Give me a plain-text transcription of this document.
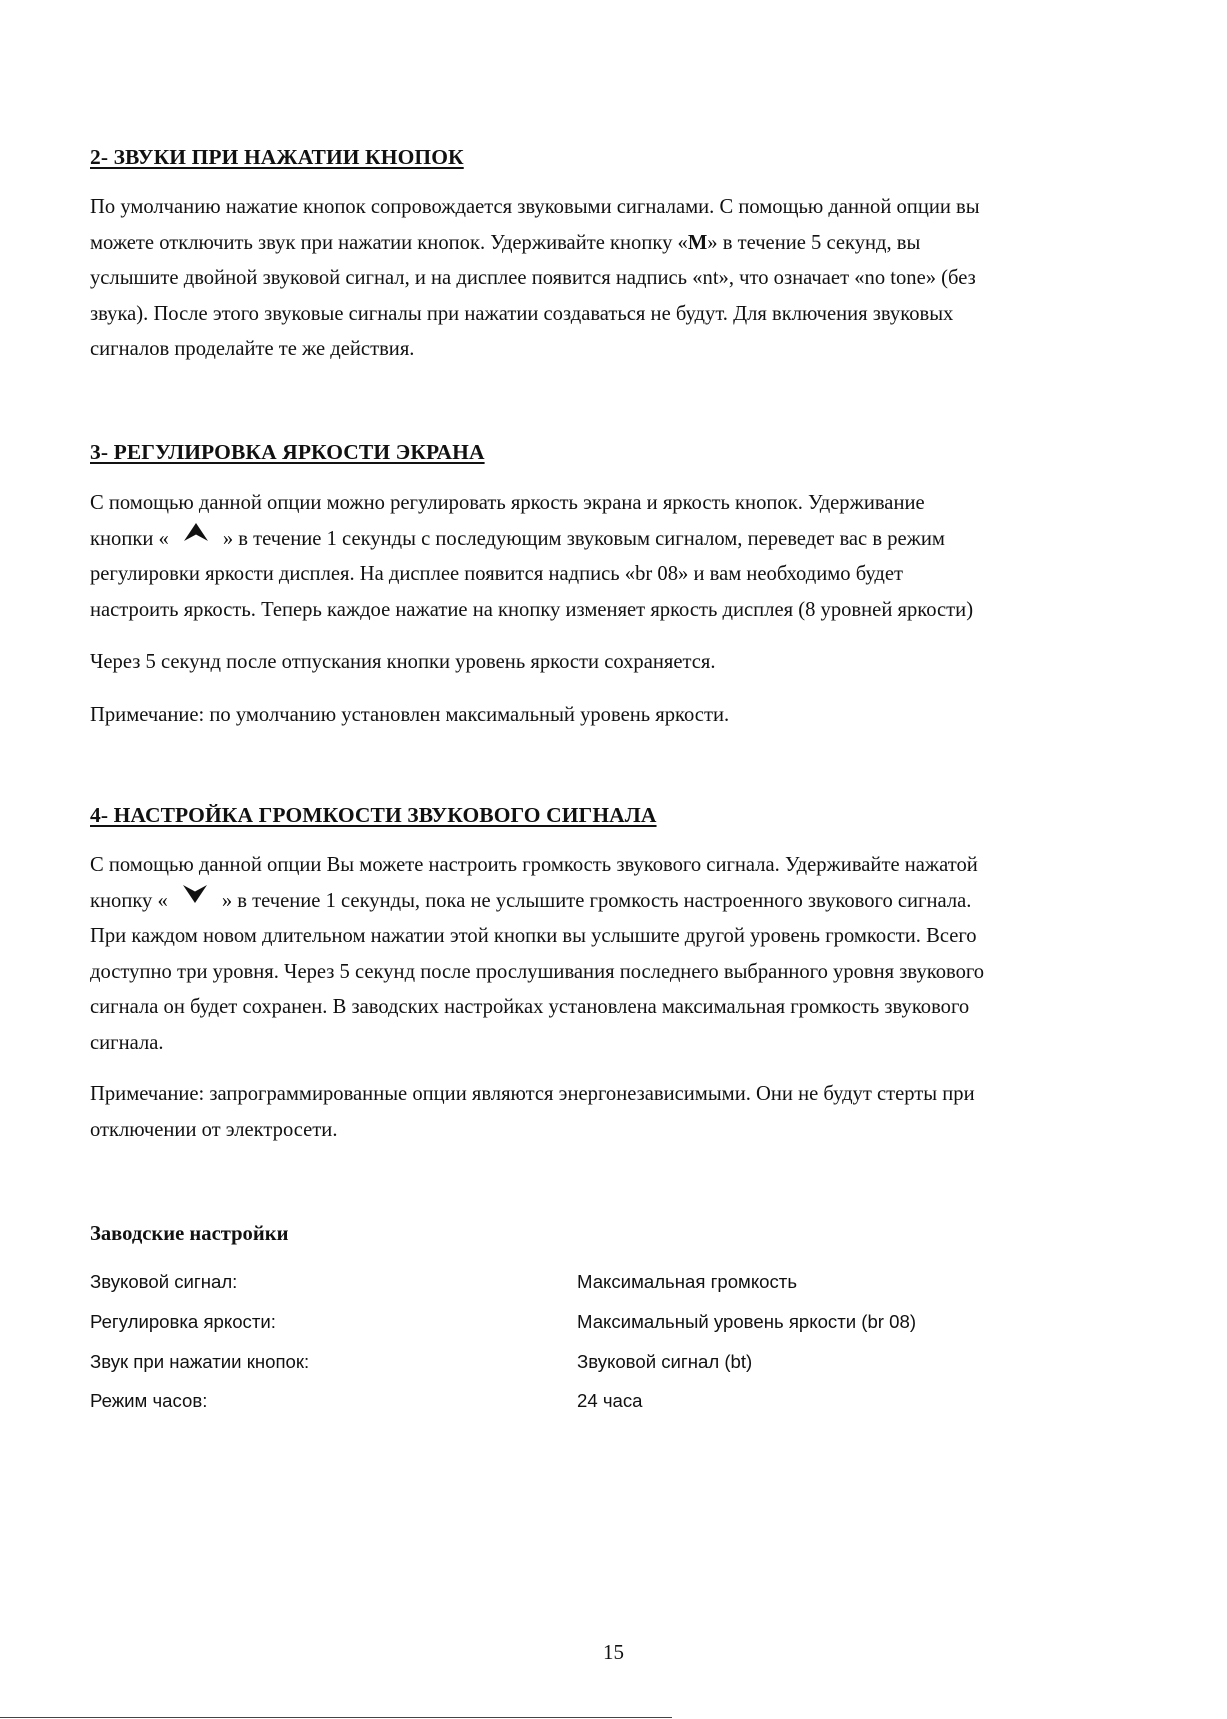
2- ЗВУКИ ПРИ НАЖАТИИ КНОПОК

По умолчанию нажатие кнопок сопровождается звуковыми сигналами. С помощью данной опции вы

можете отключить звук при нажатии кнопок. Удерживайте кнопку «M» в течение 5 секунд, вы

услышите двойной звуковой сигнал, и на дисплее появится надпись «nt», что означает «no tone» (без

звука). После этого звуковые сигналы при нажатии создаваться не будут. Для включения звуковых

сигналов проделайте те же действия.

3- РЕГУЛИРОВКА ЯРКОСТИ ЭКРАНА

С помощью данной опции можно регулировать яркость экрана и яркость кнопок. Удерживание

кнопки «	» в течение 1 секунды с последующим звуковым сигналом, переведет вас в режим

регулировки яркости дисплея. На дисплее появится надпись «br 08» и вам необходимо будет

настроить яркость. Теперь каждое нажатие на кнопку изменяет яркость дисплея (8 уровней яркости)

Через 5 секунд после отпускания кнопки уровень яркости сохраняется.

Примечание: по умолчанию установлен максимальный уровень яркости.

4- НАСТРОЙКА ГРОМКОСТИ ЗВУКОВОГО СИГНАЛА

С помощью данной опции Вы можете настроить громкость звукового сигнала. Удерживайте нажатой

кнопку «	» в течение 1 секунды, пока не услышите громкость настроенного звукового сигнала.

При каждом новом длительном нажатии этой кнопки вы услышите другой уровень громкости. Всего

доступно три уровня. Через 5 секунд после прослушивания последнего выбранного уровня звукового

сигнала он будет сохранен. В заводских настройках установлена максимальная громкость звукового

сигнала.

Примечание: запрограммированные опции являются энергонезависимыми. Они не будут стерты при

отключении от электросети.

Заводские настройки

Звуковой сигнал:	Максимальная громкость
Регулировка яркости:	Максимальный уровень яркости (br 08)
Звук при нажатии кнопок:	Звуковой сигнал (bt)
Режим часов:	24 часа
15
